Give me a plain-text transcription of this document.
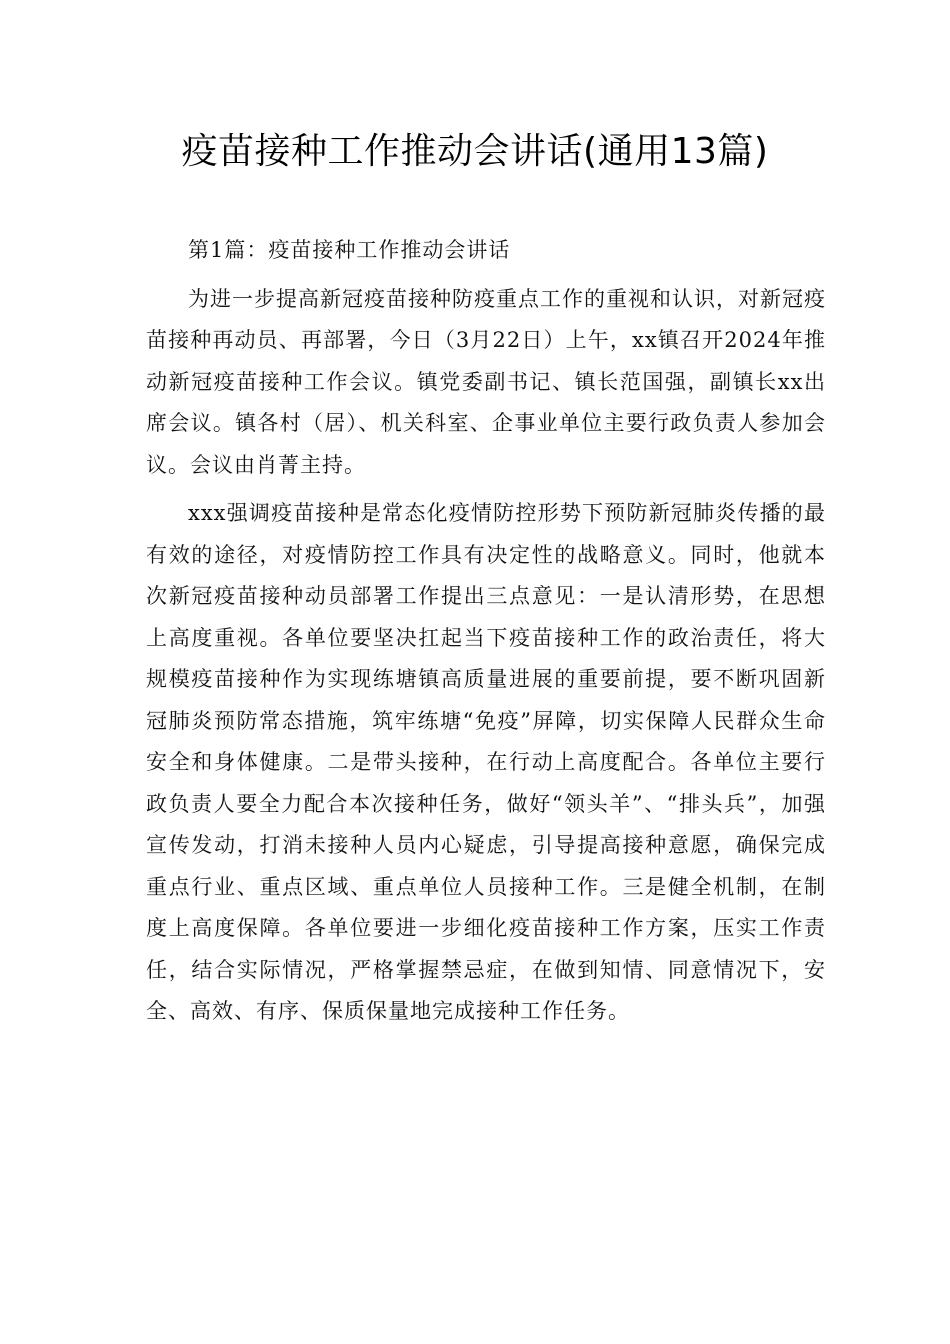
疫苗接种工作推动会讲话(通用13篇)

第1篇：疫苗接种工作推动会讲话

为进一步提高新冠疫苗接种防疫重点工作的重视和认识，对新冠疫苗接种再动员、再部署，今日（3月22日）上午，xx镇召开2024年推动新冠疫苗接种工作会议。镇党委副书记、镇长范国强，副镇长xx出席会议。镇各村（居）、机关科室、企事业单位主要行政负责人参加会议。会议由肖菁主持。

xxx强调疫苗接种是常态化疫情防控形势下预防新冠肺炎传播的最有效的途径，对疫情防控工作具有决定性的战略意义。同时，他就本次新冠疫苗接种动员部署工作提出三点意见：一是认清形势，在思想上高度重视。各单位要坚决扛起当下疫苗接种工作的政治责任，将大规模疫苗接种作为实现练塘镇高质量进展的重要前提，要不断巩固新冠肺炎预防常态措施，筑牢练塘“免疫”屏障，切实保障人民群众生命安全和身体健康。二是带头接种，在行动上高度配合。各单位主要行政负责人要全力配合本次接种任务，做好“领头羊”、“排头兵”，加强宣传发动，打消未接种人员内心疑虑，引导提高接种意愿，确保完成重点行业、重点区域、重点单位人员接种工作。三是健全机制，在制度上高度保障。各单位要进一步细化疫苗接种工作方案，压实工作责任，结合实际情况，严格掌握禁忌症，在做到知情、同意情况下，安全、高效、有序、保质保量地完成接种工作任务。
